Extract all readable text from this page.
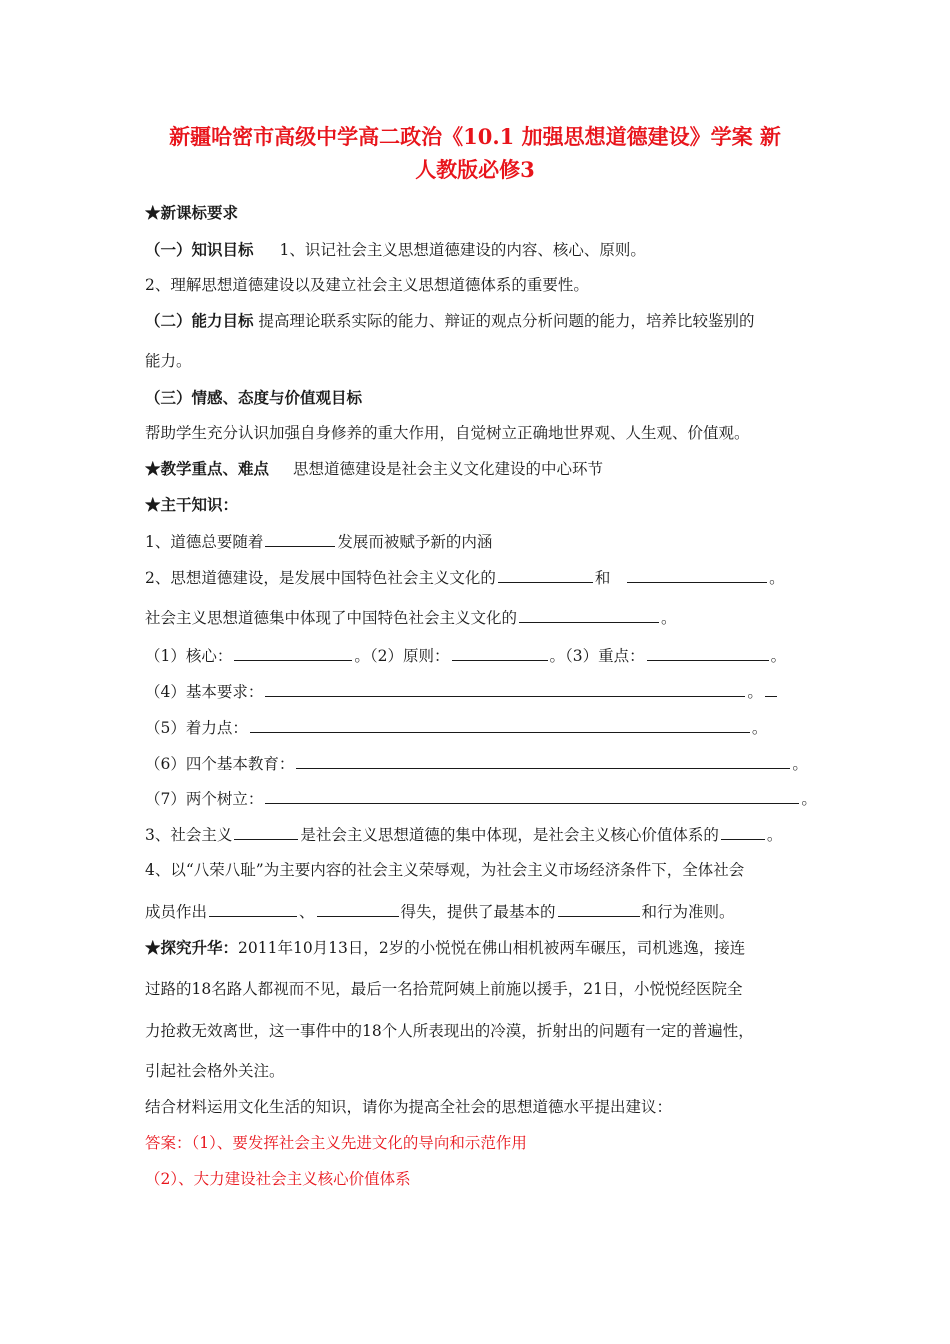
新疆哈密市高级中学高二政治《10.1 加强思想道德建设》学案 新
人教版必修3
★新课标要求
（一）知识目标 1、识记社会主义思想道德建设的内容、核心、原则。
2、理解思想道德建设以及建立社会主义思想道德体系的重要性。
（二）能力目标 提高理论联系实际的能力、辩证的观点分析问题的能力，培养比较鉴别的
能力。
（三）情感、态度与价值观目标
帮助学生充分认识加强自身修养的重大作用，自觉树立正确地世界观、人生观、价值观。
★教学重点、难点 思想道德建设是社会主义文化建设的中心环节
★主干知识：
1、道德总要随着	发展而被赋予新的内涵
2、思想道德建设，是发展中国特色社会主义文化的	和	。
社会主义思想道德集中体现了中国特色社会主义文化的	。
（1）核心：	。（2）原则：	。（3）重点：	。
（4）基本要求：	。
（5）着力点：	。
（6）四个基本教育：	。
（7）两个树立：	。
3、社会主义	是社会主义思想道德的集中体现，是社会主义核心价值体系的	。
4、以“八荣八耻”为主要内容的社会主义荣辱观，为社会主义市场经济条件下，全体社会
成员作出	、	得失，提供了最基本的	和行为准则。
★探究升华：2011年10月13日，2岁的小悦悦在佛山相机被两车碾压，司机逃逸，接连
过路的18名路人都视而不见，最后一名拾荒阿姨上前施以援手，21日，小悦悦经医院全
力抢救无效离世，这一事件中的18个人所表现出的冷漠，折射出的问题有一定的普遍性，
引起社会格外关注。
结合材料运用文化生活的知识，请你为提高全社会的思想道德水平提出建议：
答案：（1）、要发挥社会主义先进文化的导向和示范作用
（2）、大力建设社会主义核心价值体系
